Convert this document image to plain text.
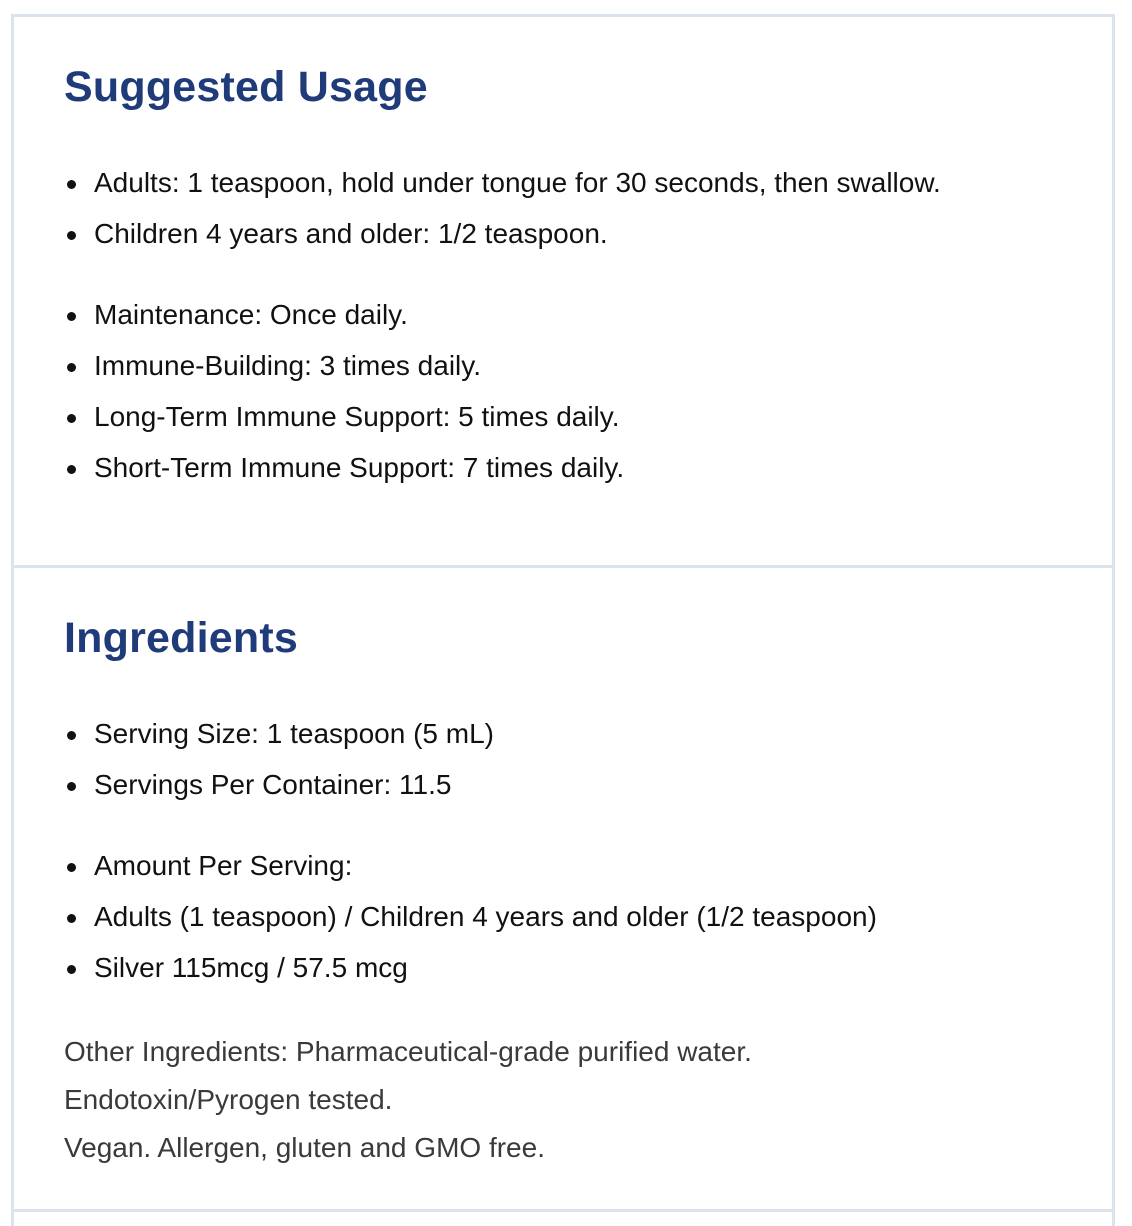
Suggested Usage
Adults: 1 teaspoon, hold under tongue for 30 seconds, then swallow.
Children 4 years and older: 1/2 teaspoon.
Maintenance: Once daily.
Immune-Building: 3 times daily.
Long-Term Immune Support: 5 times daily.
Short-Term Immune Support: 7 times daily.
Ingredients
Serving Size: 1 teaspoon (5 mL)
Servings Per Container: 11.5
Amount Per Serving:
Adults (1 teaspoon) / Children 4 years and older (1/2 teaspoon)
Silver 115mcg / 57.5 mcg

Other Ingredients: Pharmaceutical-grade purified water.
Endotoxin/Pyrogen tested.
Vegan. Allergen, gluten and GMO free.
